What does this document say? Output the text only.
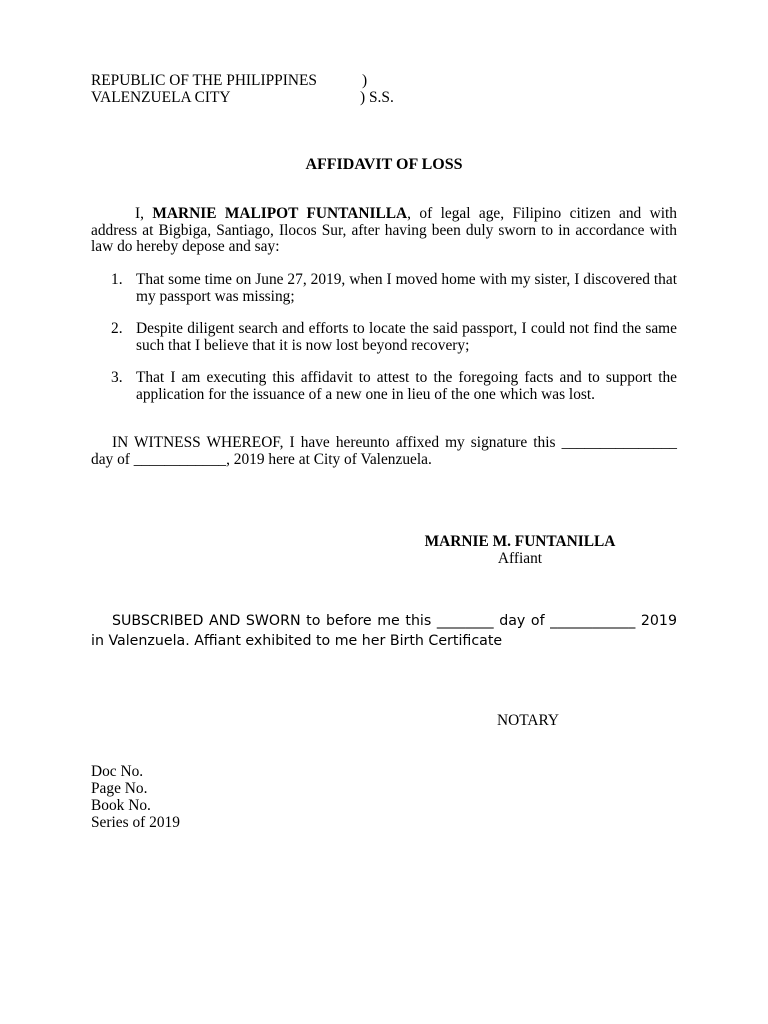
REPUBLIC OF THE PHILIPPINES	)
VALENZUELA CITY	) S.S.
AFFIDAVIT OF LOSS
I, MARNIE MALIPOT FUNTANILLA, of legal age, Filipino citizen and with address at Bigbiga, Santiago, Ilocos Sur, after having been duly sworn to in accordance with law do hereby depose and say:
1. That some time on June 27, 2019, when I moved home with my sister, I discovered that my passport was missing;
2. Despite diligent search and efforts to locate the said passport, I could not find the same such that I believe that it is now lost beyond recovery;
3. That I am executing this affidavit to attest to the foregoing facts and to support the application for the issuance of a new one in lieu of the one which was lost.
IN WITNESS WHEREOF, I have hereunto affixed my signature this _______________ day of ____________, 2019 here at City of Valenzuela.
MARNIE M. FUNTANILLA
Affiant
SUBSCRIBED AND SWORN to before me this ________ day of ____________ 2019 in Valenzuela. Affiant exhibited to me her Birth Certificate
NOTARY
Doc No.
Page No.
Book No.
Series of 2019
